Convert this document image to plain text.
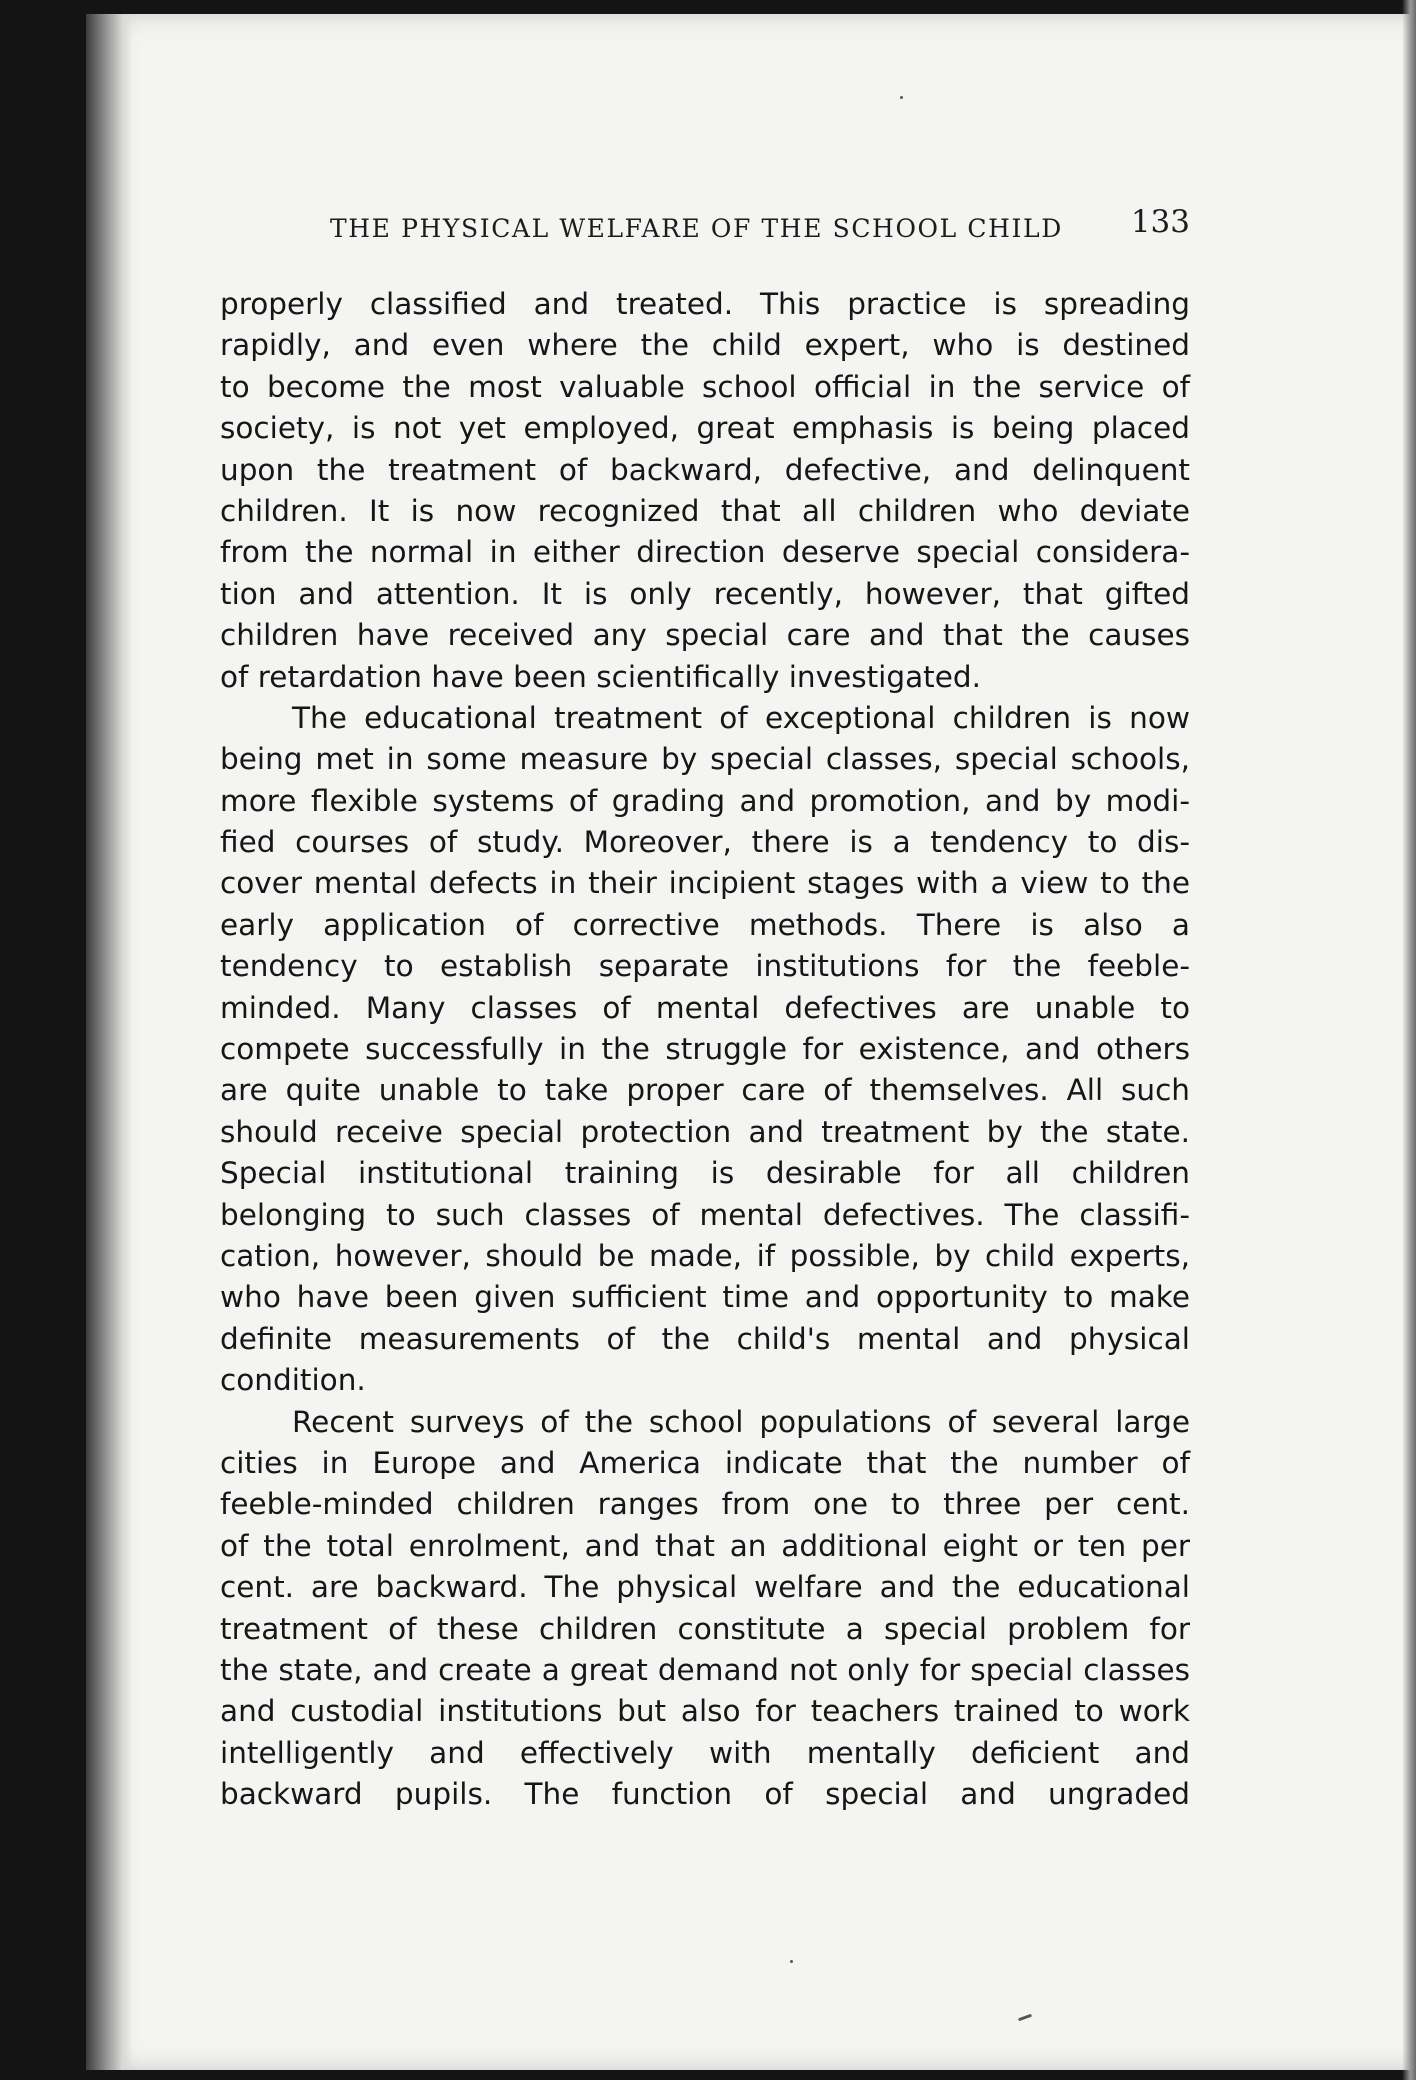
THE PHYSICAL WELFARE OF THE SCHOOL CHILD 133
properly classified and treated. This practice is spreading
rapidly, and even where the child expert, who is destined
to become the most valuable school official in the service of
society, is not yet employed, great emphasis is being placed
upon the treatment of backward, defective, and delinquent
children. It is now recognized that all children who deviate
from the normal in either direction deserve special considera-
tion and attention. It is only recently, however, that gifted
children have received any special care and that the causes
of retardation have been scientifically investigated.
The educational treatment of exceptional children is now
being met in some measure by special classes, special schools,
more flexible systems of grading and promotion, and by modi-
fied courses of study. Moreover, there is a tendency to dis-
cover mental defects in their incipient stages with a view to the
early application of corrective methods. There is also a
tendency to establish separate institutions for the feeble-
minded. Many classes of mental defectives are unable to
compete successfully in the struggle for existence, and others
are quite unable to take proper care of themselves. All such
should receive special protection and treatment by the state.
Special institutional training is desirable for all children
belonging to such classes of mental defectives. The classifi-
cation, however, should be made, if possible, by child experts,
who have been given sufficient time and opportunity to make
definite measurements of the child's mental and physical
condition.
Recent surveys of the school populations of several large
cities in Europe and America indicate that the number of
feeble-minded children ranges from one to three per cent.
of the total enrolment, and that an additional eight or ten per
cent. are backward. The physical welfare and the educational
treatment of these children constitute a special problem for
the state, and create a great demand not only for special classes
and custodial institutions but also for teachers trained to work
intelligently and effectively with mentally deficient and
backward pupils. The function of special and ungraded
